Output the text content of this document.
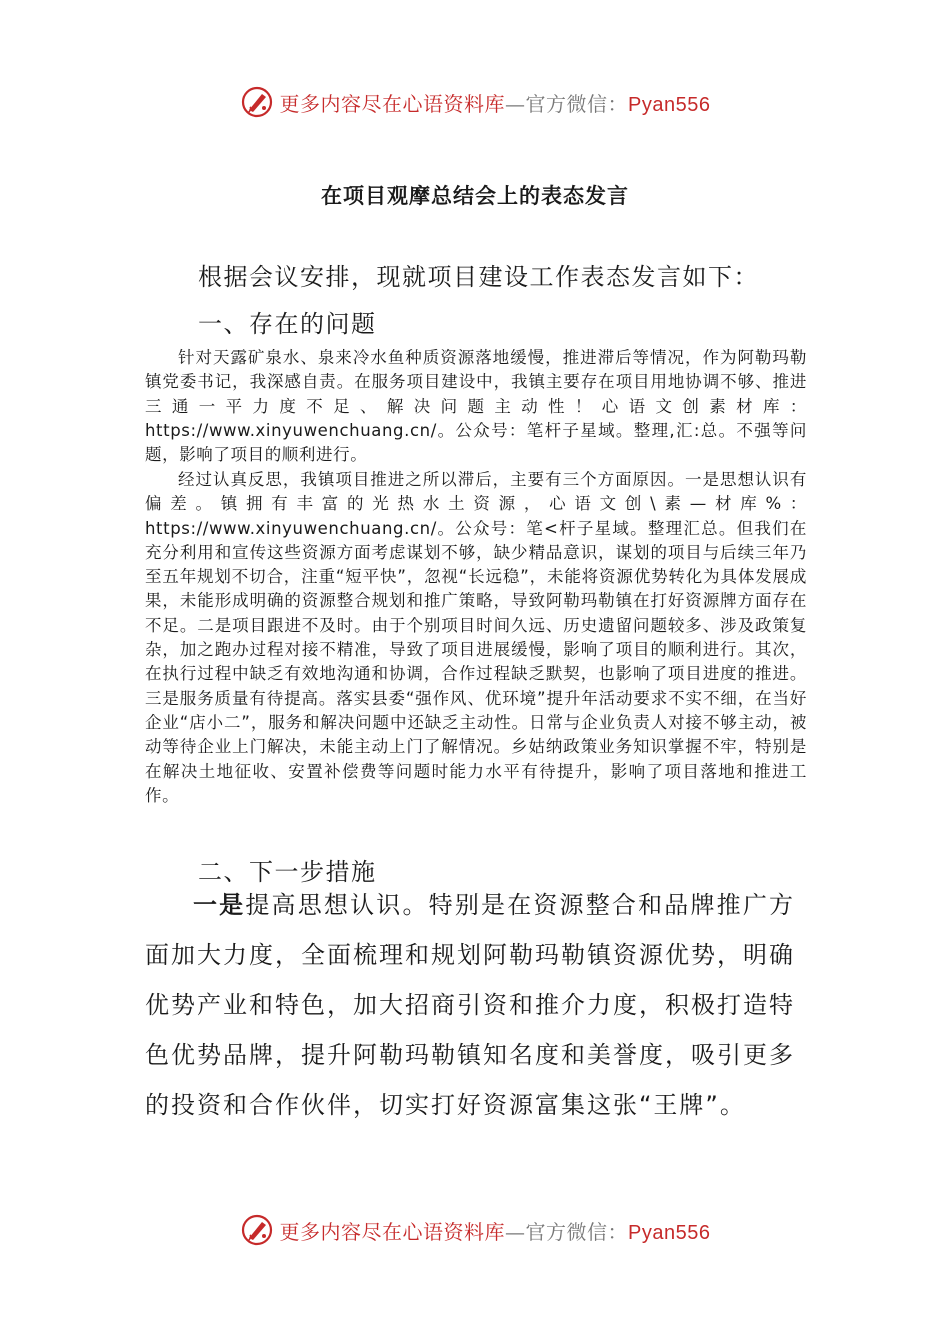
更多内容尽在心语资料库—官方微信：Pyan556
在项目观摩总结会上的表态发言
根据会议安排，现就项目建设工作表态发言如下：
一、存在的问题
针对天露矿泉水、泉来冷水鱼种质资源落地缓慢，推进滞后等情况，作为阿勒玛勒镇党委书记，我深感自责。在服务项目建设中，我镇主要存在项目用地协调不够、推进三通一平力度不足、解决问题主动性！心语文创素材库：https://www.xinyuwenchuang.cn/。公众号：笔杆子星域。整理,汇:总。不强等问题，影响了项目的顺利进行。
经过认真反思，我镇项目推进之所以滞后，主要有三个方面原因。一是思想认识有偏差。镇拥有丰富的光热水土资源，心语文创\素—材库%：https://www.xinyuwenchuang.cn/。公众号：笔<杆子星域。整理汇总。但我们在充分利用和宣传这些资源方面考虑谋划不够，缺少精品意识，谋划的项目与后续三年乃至五年规划不切合，注重“短平快”，忽视“长远稳”，未能将资源优势转化为具体发展成果，未能形成明确的资源整合规划和推广策略，导致阿勒玛勒镇在打好资源牌方面存在不足。二是项目跟进不及时。由于个别项目时间久远、历史遗留问题较多、涉及政策复杂，加之跑办过程对接不精准，导致了项目进展缓慢，影响了项目的顺利进行。其次，在执行过程中缺乏有效地沟通和协调，合作过程缺乏默契，也影响了项目进度的推进。三是服务质量有待提高。落实县委“强作风、优环境”提升年活动要求不实不细，在当好企业“店小二”，服务和解决问题中还缺乏主动性。日常与企业负责人对接不够主动，被动等待企业上门解决，未能主动上门了解情况。乡姑纳政策业务知识掌握不牢，特别是在解决土地征收、安置补偿费等问题时能力水平有待提升，影响了项目落地和推进工作。
二、下一步措施
一是提高思想认识。特别是在资源整合和品牌推广方面加大力度，全面梳理和规划阿勒玛勒镇资源优势，明确优势产业和特色，加大招商引资和推介力度，积极打造特色优势品牌，提升阿勒玛勒镇知名度和美誉度，吸引更多的投资和合作伙伴，切实打好资源富集这张“王牌”。
更多内容尽在心语资料库—官方微信：Pyan556
